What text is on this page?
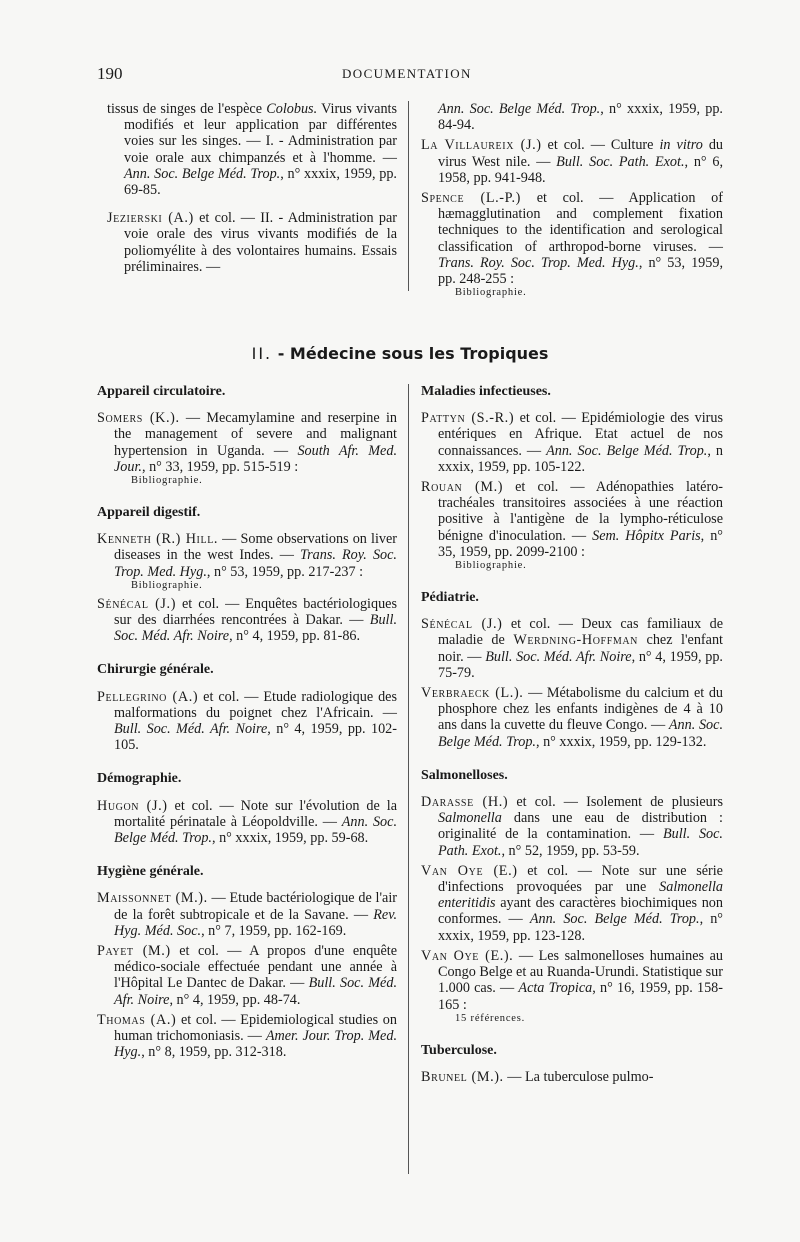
190	DOCUMENTATION

tissus de singes de l'espèce Colobus. Virus vivants modifiés et leur application par différentes voies sur les singes. — I. - Administration par voie orale aux chimpanzés et à l'homme. — Ann. Soc. Belge Méd. Trop., n° xxxix, 1959, pp. 69-85.

Jezierski (A.) et col. — II. - Administration par voie orale des virus vivants modifiés de la poliomyélite à des volontaires humains. Essais préliminaires. —

Ann. Soc. Belge Méd. Trop., n° xxxix, 1959, pp. 84-94.

La Villaureix (J.) et col. — Culture in vitro du virus West nile. — Bull. Soc. Path. Exot., n° 6, 1958, pp. 941-948.

Spence (L.-P.) et col. — Application of hæmagglutination and complement fixation techniques to the identification and serological classification of arthropod-borne viruses. — Trans. Roy. Soc. Trop. Med. Hyg., n° 53, 1959, pp. 248-255 :
Bibliographie.

II. - Médecine sous les Tropiques
Appareil circulatoire.

Somers (K.). — Mecamylamine and reserpine in the management of severe and malignant hypertension in Uganda. — South Afr. Med. Jour., n° 33, 1959, pp. 515-519 :
Bibliographie.

Appareil digestif.

Kenneth (R.) Hill. — Some observations on liver diseases in the west Indes. — Trans. Roy. Soc. Trop. Med. Hyg., n° 53, 1959, pp. 217-237 :
Bibliographie.

Sénécal (J.) et col. — Enquêtes bactériologiques sur des diarrhées rencontrées à Dakar. — Bull. Soc. Méd. Afr. Noire, n° 4, 1959, pp. 81-86.

Chirurgie générale.

Pellegrino (A.) et col. — Etude radiologique des malformations du poignet chez l'Africain. — Bull. Soc. Méd. Afr. Noire, n° 4, 1959, pp. 102-105.

Démographie.

Hugon (J.) et col. — Note sur l'évolution de la mortalité périnatale à Léopoldville. — Ann. Soc. Belge Méd. Trop., n° xxxix, 1959, pp. 59-68.

Hygiène générale.

Maissonnet (M.). — Etude bactériologique de l'air de la forêt subtropicale et de la Savane. — Rev. Hyg. Méd. Soc., n° 7, 1959, pp. 162-169.

Payet (M.) et col. — A propos d'une enquête médico-sociale effectuée pendant une année à l'Hôpital Le Dantec de Dakar. — Bull. Soc. Méd. Afr. Noire, n° 4, 1959, pp. 48-74.

Thomas (A.) et col. — Epidemiological studies on human trichomoniasis. — Amer. Jour. Trop. Med. Hyg., n° 8, 1959, pp. 312-318.

Maladies infectieuses.

Pattyn (S.-R.) et col. — Epidémiologie des virus entériques en Afrique. Etat actuel de nos connaissances. — Ann. Soc. Belge Méd. Trop., n xxxix, 1959, pp. 105-122.

Rouan (M.) et col. — Adénopathies latéro-trachéales transitoires associées à une réaction positive à l'antigène de la lympho-réticulose bénigne d'inoculation. — Sem. Hôpitx Paris, n° 35, 1959, pp. 2099-2100 :
Bibliographie.

Pédiatrie.

Sénécal (J.) et col. — Deux cas familiaux de maladie de Werdning-Hoffman chez l'enfant noir. — Bull. Soc. Méd. Afr. Noire, n° 4, 1959, pp. 75-79.

Verbraeck (L.). — Métabolisme du calcium et du phosphore chez les enfants indigènes de 4 à 10 ans dans la cuvette du fleuve Congo. — Ann. Soc. Belge Méd. Trop., n° xxxix, 1959, pp. 129-132.

Salmonelloses.

Darasse (H.) et col. — Isolement de plusieurs Salmonella dans une eau de distribution : originalité de la contamination. — Bull. Soc. Path. Exot., n° 52, 1959, pp. 53-59.

Van Oye (E.) et col. — Note sur une série d'infections provoquées par une Salmonella enteritidis ayant des caractères biochimiques non conformes. — Ann. Soc. Belge Méd. Trop., n° xxxix, 1959, pp. 123-128.

Van Oye (E.). — Les salmonelloses humaines au Congo Belge et au Ruanda-Urundi. Statistique sur 1.000 cas. — Acta Tropica, n° 16, 1959, pp. 158-165 :
15 références.

Tuberculose.

Brunel (M.). — La tuberculose pulmo-
